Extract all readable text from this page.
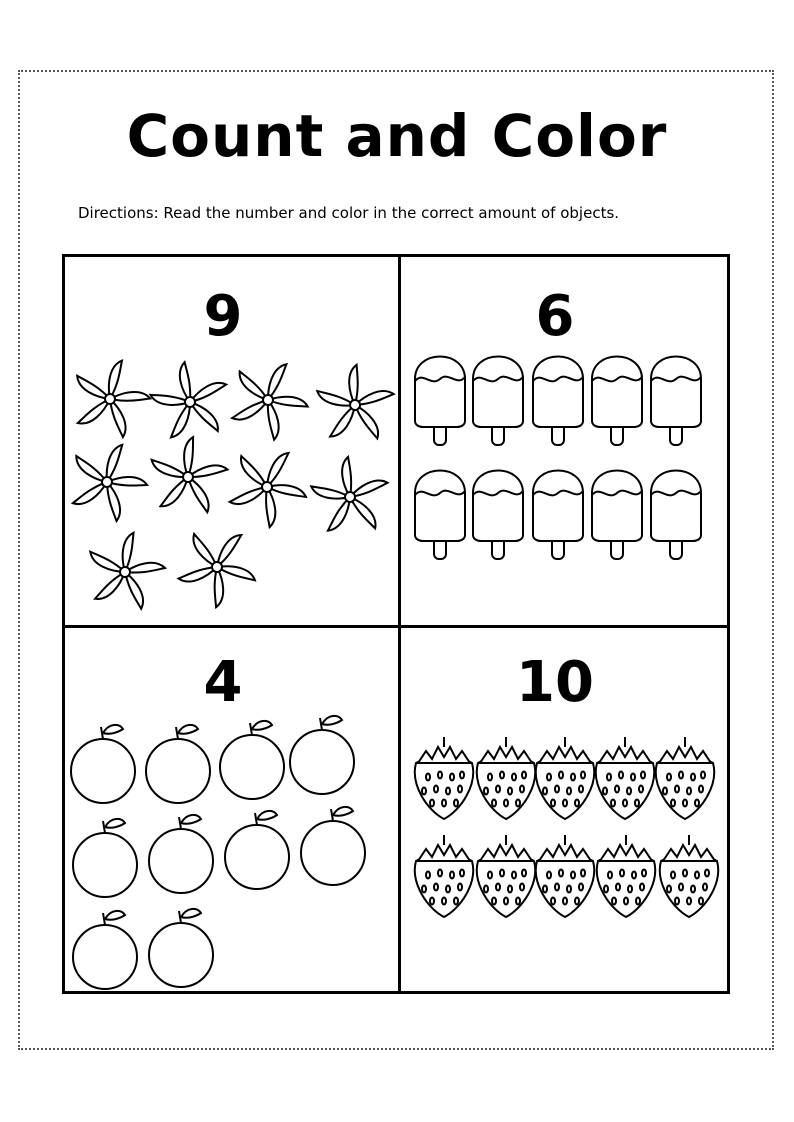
Count and Color
Directions: Read the number and color in the correct amount of objects.
9	6
4	10
